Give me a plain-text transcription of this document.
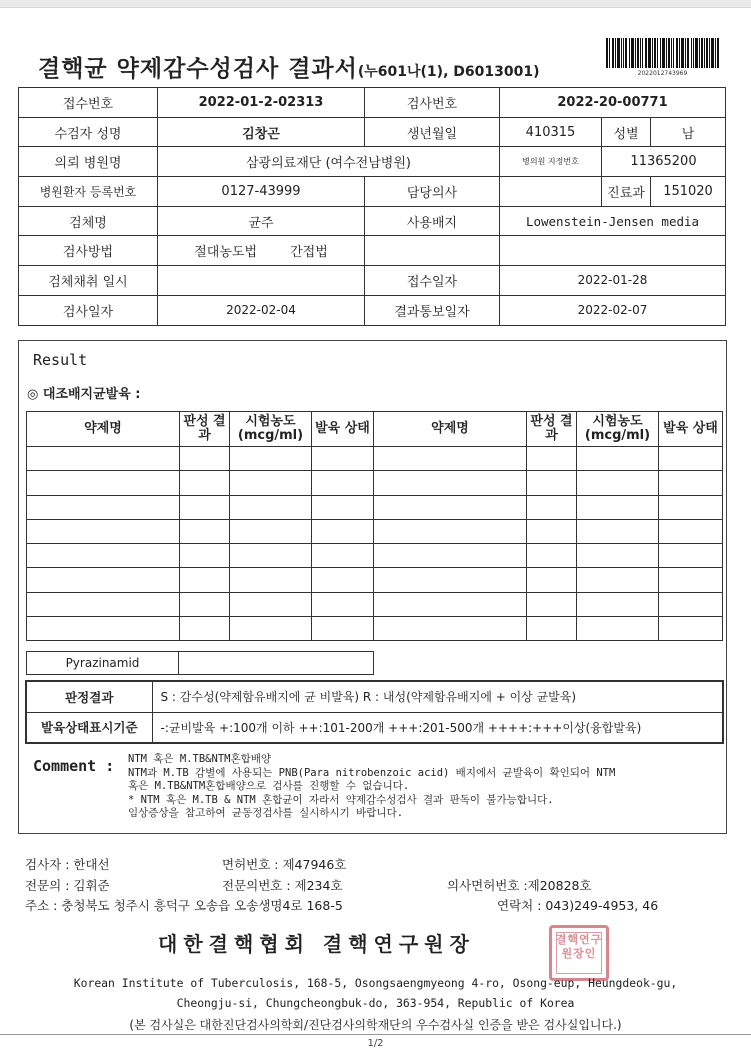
결핵균 약제감수성검사 결과서(누601나(1), D6013001)	2022012743969
접수번호	2022-01-2-02313	검사번호	2022-20-00771		
수검자 성명	김창곤	생년월일	410315	성별	남
의뢰 병원명	삼광의료재단 (여수전남병원)		병의원 지정번호	11365200	
병원환자 등록번호	0127-43999	담당의사		진료과	151020
검체명	균주	사용배지	Lowenstein-Jensen media		
검사방법	절대농도법 간접법				
검체채취 일시		접수일자	2022-01-28		
검사일자	2022-02-04	결과통보일자	2022-02-07		
Result
◎ 대조배지균발육 :
약제명	판성 결과	시험농도 (mcg/ml)	발육 상태	약제명	판성 결과	시험농도 (mcg/ml)	발육 상태

Pyrazinamid
판정결과	S : 감수성(약제함유배지에 균 비발육) R : 내성(약제함유배지에 + 이상 균발육)
발육상태표시기준	-:균비발육 +:100개 이하 ++:101-200개 +++:201-500개 ++++:+++이상(융합발육)
Comment : NTM 혹은 M.TB&NTM혼합배양
NTM과 M.TB 감별에 사용되는 PNB(Para nitrobenzoic acid) 배지에서 균발육이 확인되어 NTM
혹은 M.TB&NTM혼합배양으로 검사를 진행할 수 없습니다.
* NTM 혹은 M.TB & NTM 혼합균이 자라서 약제감수성검사 결과 판독이 불가능합니다.
임상증상을 참고하여 균동정검사를 실시하시기 바랍니다.
검사자 : 한대선	면허번호 : 제47946호
전문의 : 김휘준	전문의번호 : 제234호	의사면허번호 :제20828호
주소 : 충청북도 청주시 흥덕구 오송읍 오송생명4로 168-5	연락처 : 043)249-4953, 46
대한결핵협회 결핵연구원장	결핵연구원장인
Korean Institute of Tuberculosis, 168-5, Osongsaengmyeong 4-ro, Osong-eup, Heungdeok-gu,
Cheongju-si, Chungcheongbuk-do, 363-954, Republic of Korea
(본 검사실은 대한진단검사의학회/진단검사의학재단의 우수검사실 인증을 받은 검사실입니다.)
1/2
